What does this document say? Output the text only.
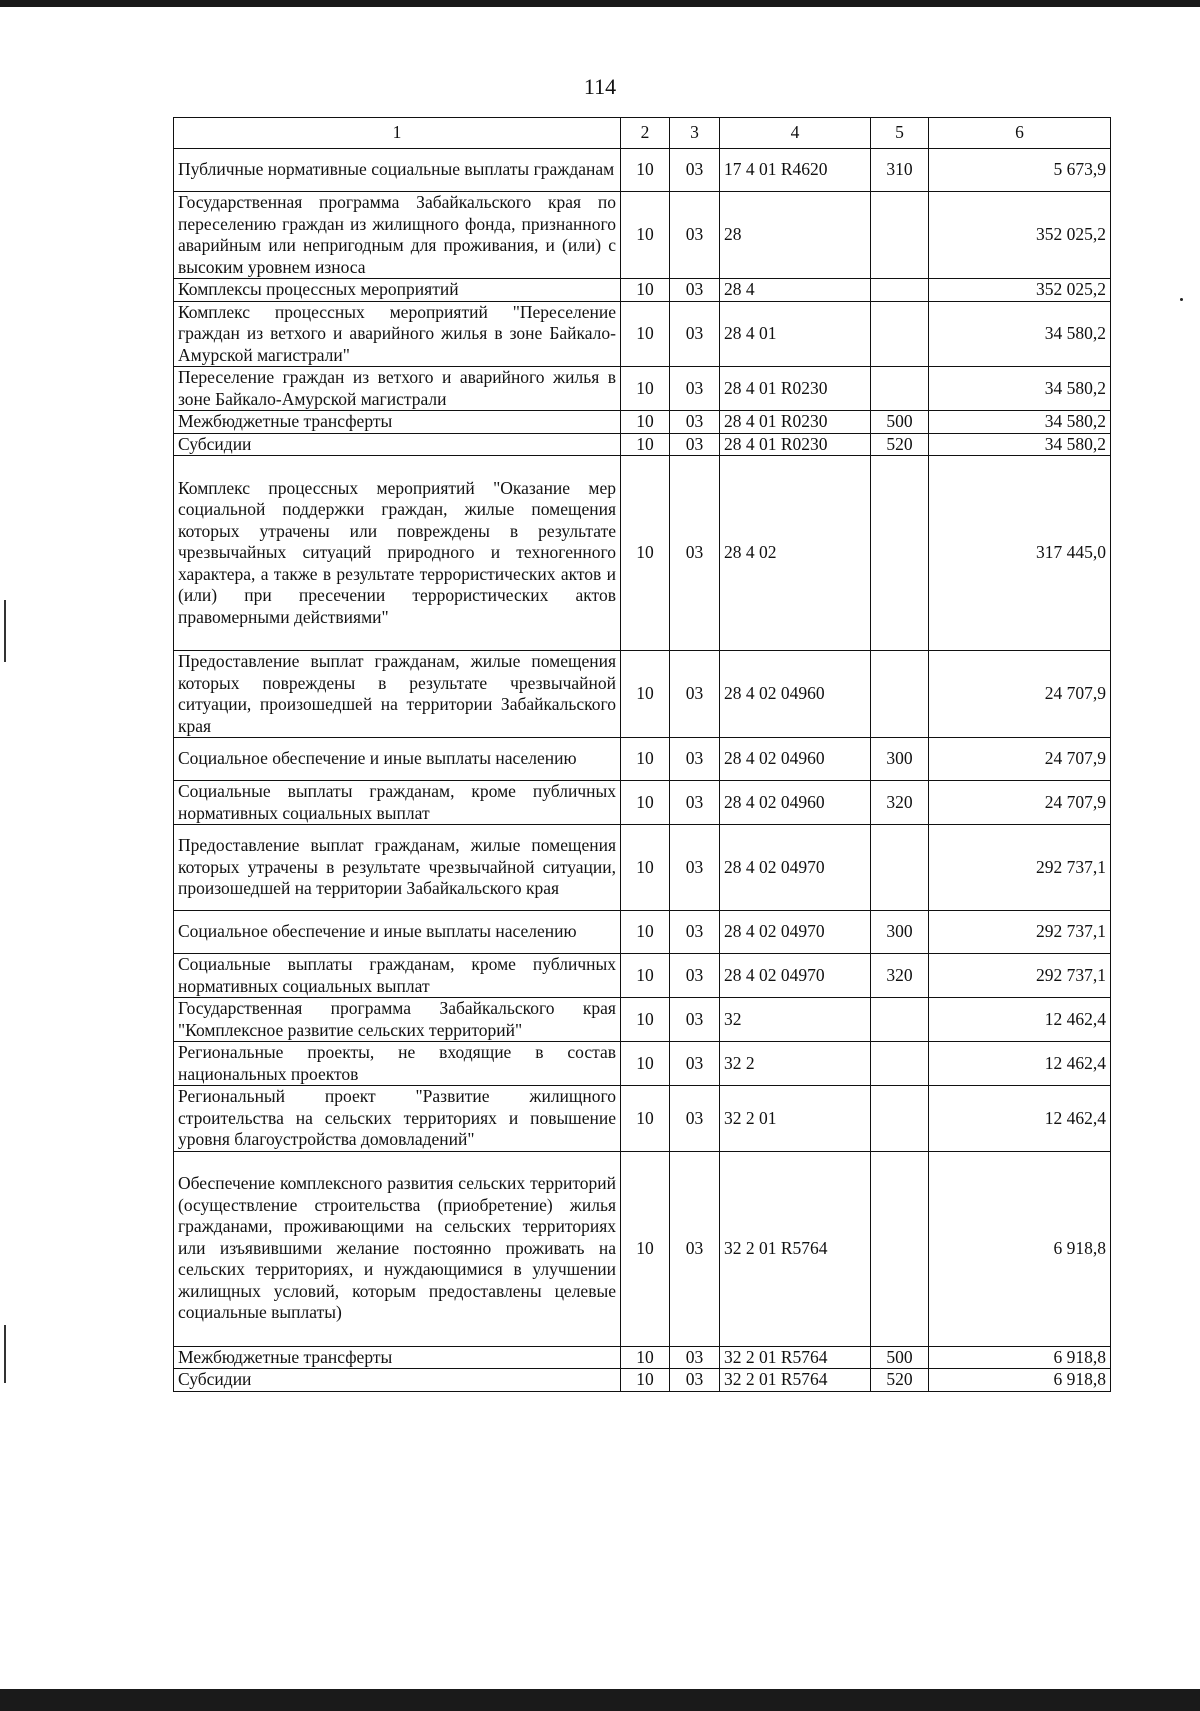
114
1	2	3	4	5	6
Публичные нормативные социальные выплаты гражданам	10	03	17 4 01 R4620	310	5 673,9
Государственная программа Забайкальского края по переселению граждан из жилищного фонда, признанного аварийным или непригодным для проживания, и (или) с высоким уровнем износа	10	03	28		352 025,2
Комплексы процессных мероприятий	10	03	28 4		352 025,2
Комплекс процессных мероприятий "Переселение граждан из ветхого и аварийного жилья в зоне Байкало-Амурской магистрали"	10	03	28 4 01		34 580,2
Переселение граждан из ветхого и аварийного жилья в зоне Байкало-Амурской магистрали	10	03	28 4 01 R0230		34 580,2
Межбюджетные трансферты	10	03	28 4 01 R0230	500	34 580,2
Субсидии	10	03	28 4 01 R0230	520	34 580,2
Комплекс процессных мероприятий "Оказание мер социальной поддержки граждан, жилые помещения которых утрачены или повреждены в результате чрезвычайных ситуаций природного и техногенного характера, а также в результате террористических актов и (или) при пресечении террористических актов правомерными действиями"	10	03	28 4 02		317 445,0
Предоставление выплат гражданам, жилые помещения которых повреждены в результате чрезвычайной ситуации, произошедшей на территории Забайкальского края	10	03	28 4 02 04960		24 707,9
Социальное обеспечение и иные выплаты населению	10	03	28 4 02 04960	300	24 707,9
Социальные выплаты гражданам, кроме публичных нормативных социальных выплат	10	03	28 4 02 04960	320	24 707,9
Предоставление выплат гражданам, жилые помещения которых утрачены в результате чрезвычайной ситуации, произошедшей на территории Забайкальского края	10	03	28 4 02 04970		292 737,1
Социальное обеспечение и иные выплаты населению	10	03	28 4 02 04970	300	292 737,1
Социальные выплаты гражданам, кроме публичных нормативных социальных выплат	10	03	28 4 02 04970	320	292 737,1
Государственная программа Забайкальского края "Комплексное развитие сельских территорий"	10	03	32		12 462,4
Региональные проекты, не входящие в состав национальных проектов	10	03	32 2		12 462,4
Региональный проект "Развитие жилищного строительства на сельских территориях и повышение уровня благоустройства домовладений"	10	03	32 2 01		12 462,4
Обеспечение комплексного развития сельских территорий (осуществление строительства (приобретение) жилья гражданами, проживающими на сельских территориях или изъявившими желание постоянно проживать на сельских территориях, и нуждающимися в улучшении жилищных условий, которым предоставлены целевые социальные выплаты)	10	03	32 2 01 R5764		6 918,8
Межбюджетные трансферты	10	03	32 2 01 R5764	500	6 918,8
Субсидии	10	03	32 2 01 R5764	520	6 918,8
